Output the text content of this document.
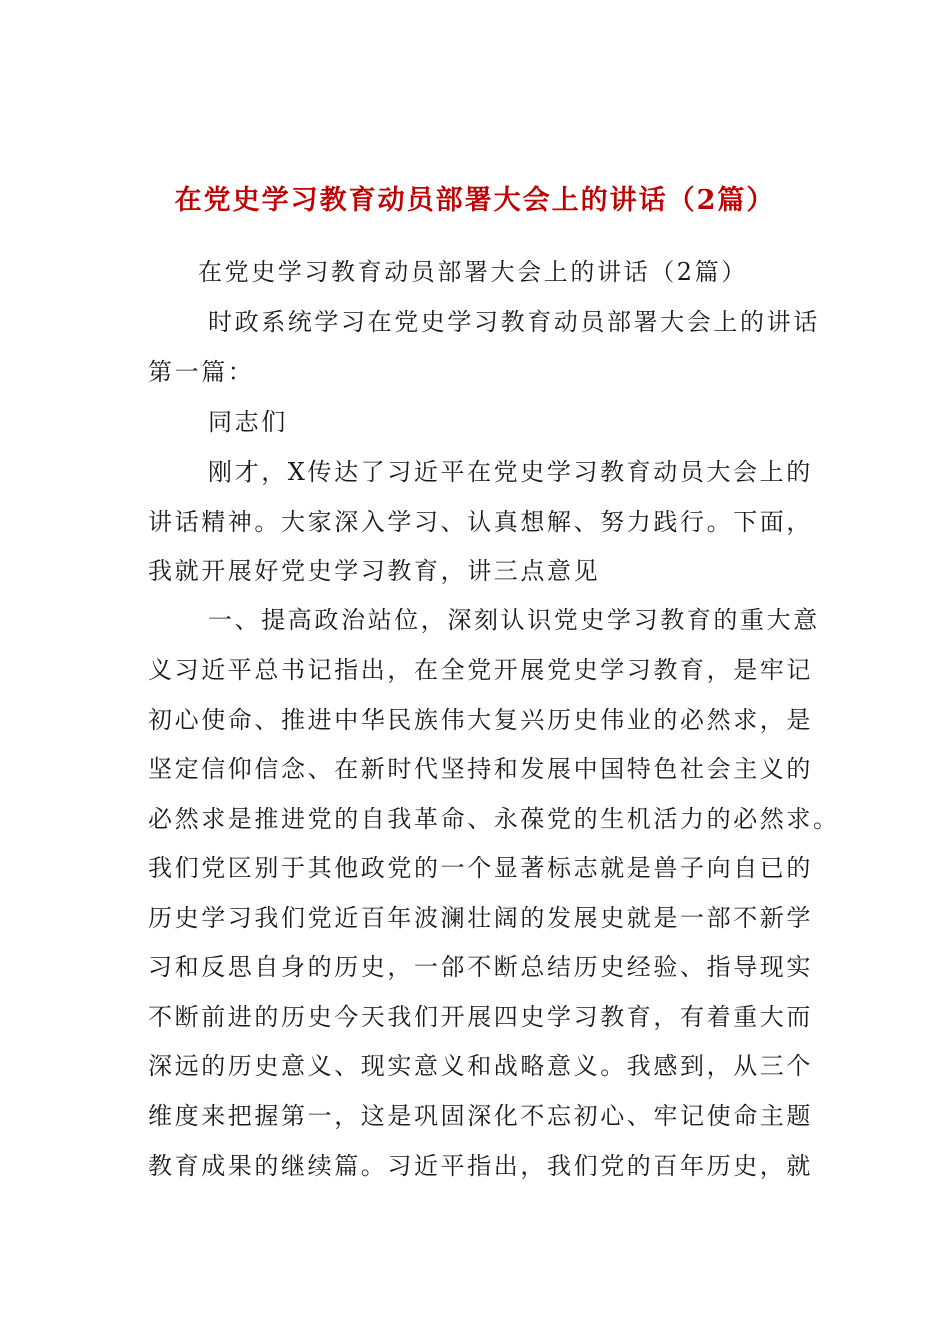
在党史学习教育动员部署大会上的讲话（2篇）
在党史学习教育动员部署大会上的讲话（2篇）
时政系统学习在党史学习教育动员部署大会上的讲话
第一篇：
同志们
刚才，X传达了习近平在党史学习教育动员大会上的
讲话精神。大家深入学习、认真想解、努力践行。下面，
我就开展好党史学习教育，讲三点意见
一、提高政治站位，深刻认识党史学习教育的重大意
义习近平总书记指出，在全党开展党史学习教育，是牢记
初心使命、推进中华民族伟大复兴历史伟业的必然求，是
坚定信仰信念、在新时代坚持和发展中国特色社会主义的
必然求是推进党的自我革命、永葆党的生机活力的必然求。
我们党区别于其他政党的一个显著标志就是兽子向自已的
历史学习我们党近百年波澜壮阔的发展史就是一部不新学
习和反思自身的历史，一郃不断总结历史经验、指导现实
不断前进的历史今天我们开展四史学习教育，有着重大而
深远的历史意义、现实意义和战略意义。我感到，从三个
维度来把握第一，这是巩固深化不忘初心、牢记使命主题
教育成果的继续篇。习近平指出，我们党的百年历史，就
